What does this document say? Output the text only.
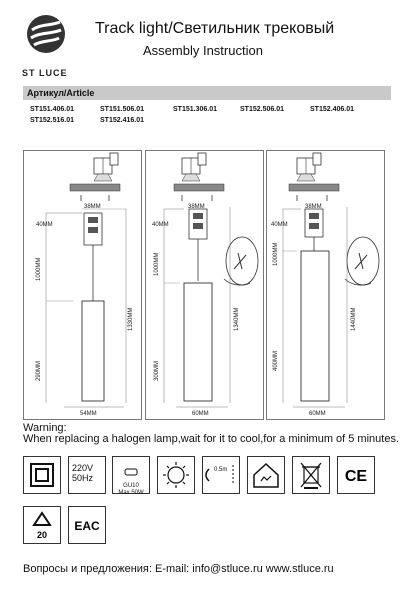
ST LUCE
Track light/Светильник трековый
Assembly Instruction
Артикул/Article
ST151.406.01	ST151.506.01	ST151.306.01	ST152.506.01	ST152.406.01
ST152.516.01	ST152.416.01
38MM
40MM
1000MM
290MM
1330MM
54MM
38MM
40MM
1000MM
300MM
1340MM
60MM
38MM
40MM
1000MM
400MM
1440MM
60MM
Warning:
When replacing a halogen lamp,wait for it to cool,for a minimum of 5 minutes.
220V
50Hz
GU10
Max.50W
0.5m	CE
20
EAC
Вопросы и предложения: E-mail: info@stluce.ru www.stluce.ru
